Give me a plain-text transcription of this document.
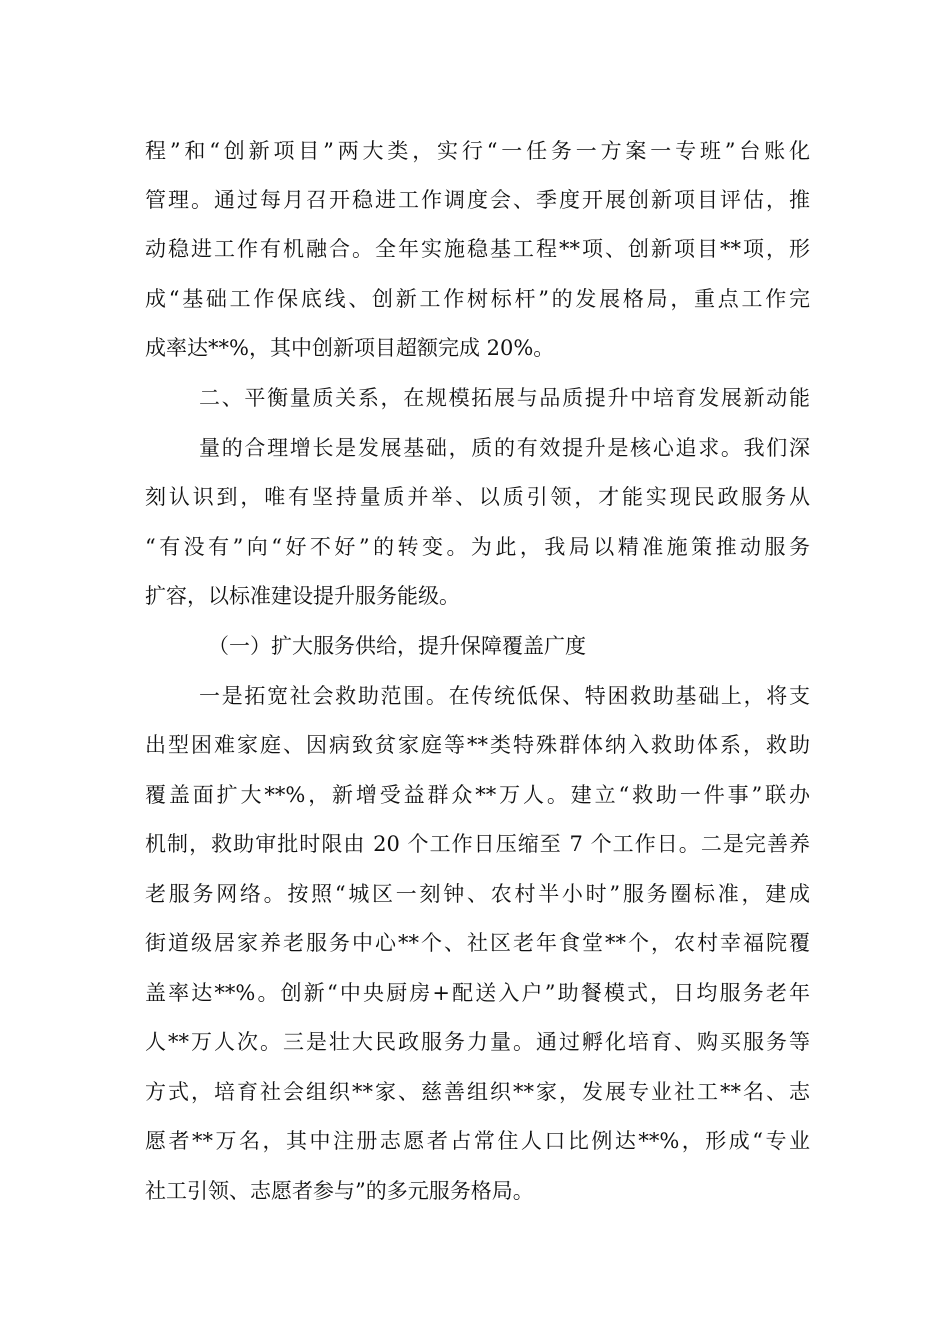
程”和“创新项目”两大类，实行“一任务一方案一专班”台账化
管理。通过每月召开稳进工作调度会、季度开展创新项目评估，推
动稳进工作有机融合。全年实施稳基工程**项、创新项目**项，形
成“基础工作保底线、创新工作树标杆”的发展格局，重点工作完
成率达**%，其中创新项目超额完成 20%。
二、平衡量质关系，在规模拓展与品质提升中培育发展新动能
量的合理增长是发展基础，质的有效提升是核心追求。我们深
刻认识到，唯有坚持量质并举、以质引领，才能实现民政服务从
“有没有”向“好不好”的转变。为此，我局以精准施策推动服务
扩容，以标准建设提升服务能级。
（一）扩大服务供给，提升保障覆盖广度
一是拓宽社会救助范围。在传统低保、特困救助基础上，将支
出型困难家庭、因病致贫家庭等**类特殊群体纳入救助体系，救助
覆盖面扩大**%，新增受益群众**万人。建立“救助一件事”联办
机制，救助审批时限由 20 个工作日压缩至 7 个工作日。二是完善养
老服务网络。按照“城区一刻钟、农村半小时”服务圈标准，建成
街道级居家养老服务中心**个、社区老年食堂**个，农村幸福院覆
盖率达**%。创新“中央厨房+配送入户”助餐模式，日均服务老年
人**万人次。三是壮大民政服务力量。通过孵化培育、购买服务等
方式，培育社会组织**家、慈善组织**家，发展专业社工**名、志
愿者**万名，其中注册志愿者占常住人口比例达**%，形成“专业
社工引领、志愿者参与”的多元服务格局。
